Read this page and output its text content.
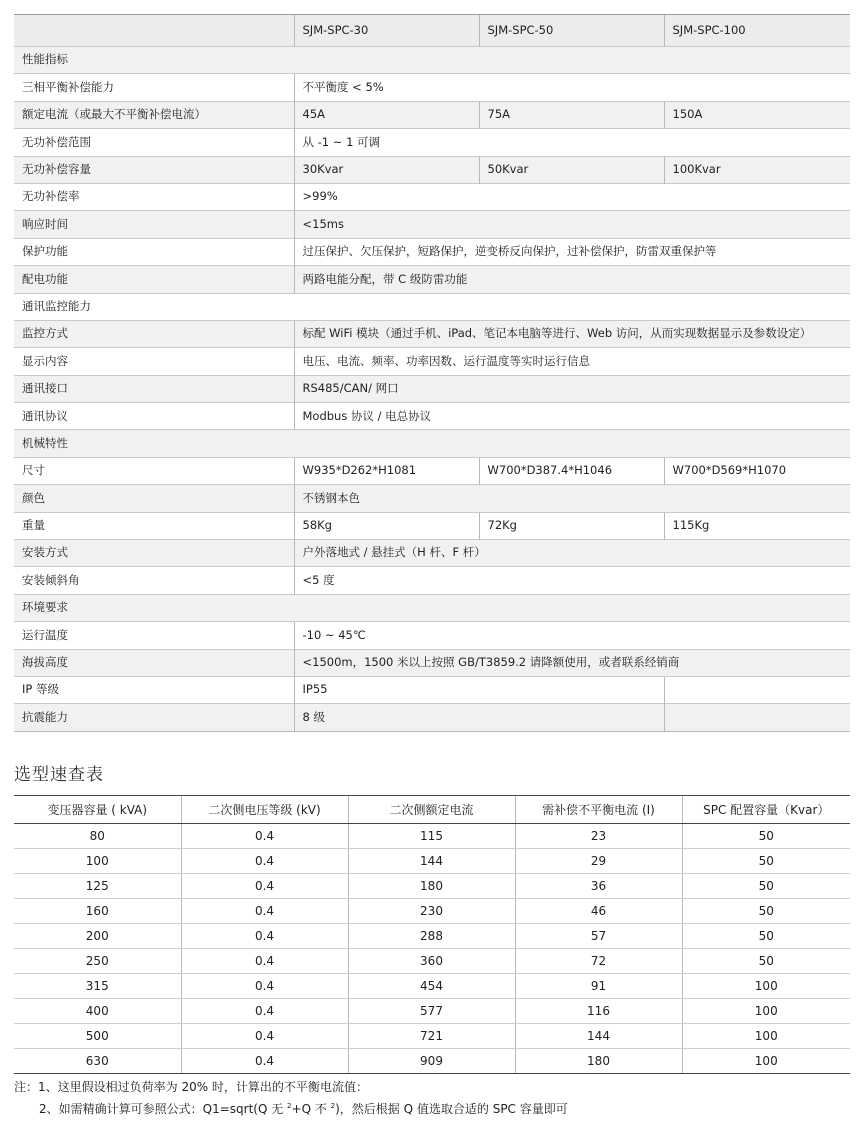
	SJM-SPC-30	SJM-SPC-50	SJM-SPC-100
性能指标			
三相平衡补偿能力	不平衡度 < 5%		
额定电流（或最大不平衡补偿电流）	45A	75A	150A
无功补偿范围	从 -1 ~ 1 可调		
无功补偿容量	30Kvar	50Kvar	100Kvar
无功补偿率	>99%		
响应时间	<15ms		
保护功能	过压保护、欠压保护，短路保护，逆变桥反向保护，过补偿保护，防雷双重保护等		
配电功能	两路电能分配，带 C 级防雷功能		
通讯监控能力			
监控方式	标配 WiFi 模块（通过手机、iPad、笔记本电脑等进行、Web 访问，从而实现数据显示及参数设定）		
显示内容	电压、电流、频率、功率因数、运行温度等实时运行信息		
通讯接口	RS485/CAN/ 网口		
通讯协议	Modbus 协议 / 电总协议		
机械特性			
尺寸	W935*D262*H1081	W700*D387.4*H1046	W700*D569*H1070
颜色	不锈钢本色		
重量	58Kg	72Kg	115Kg
安装方式	户外落地式 / 悬挂式（H 杆、F 杆）		
安装倾斜角	<5 度		
环境要求			
运行温度	-10 ~ 45℃		
海拔高度	<1500m，1500 米以上按照 GB/T3859.2 请降额使用，或者联系经销商		
IP 等级	IP55		
抗震能力	8 级		
选型速查表
变压器容量 ( kVA)	二次侧电压等级 (kV)	二次侧额定电流	需补偿不平衡电流 (I)	SPC 配置容量（Kvar）
80	0.4	115	23	50
100	0.4	144	29	50
125	0.4	180	36	50
160	0.4	230	46	50
200	0.4	288	57	50
250	0.4	360	72	50
315	0.4	454	91	100
400	0.4	577	116	100
500	0.4	721	144	100
630	0.4	909	180	100
注：1、这里假设相过负荷率为 20% 时，计算出的不平衡电流值：
2、如需精确计算可参照公式：Q1=sqrt(Q 无 $^2$+Q 不 $^2$)，然后根据 Q 值选取合适的 SPC 容量即可
